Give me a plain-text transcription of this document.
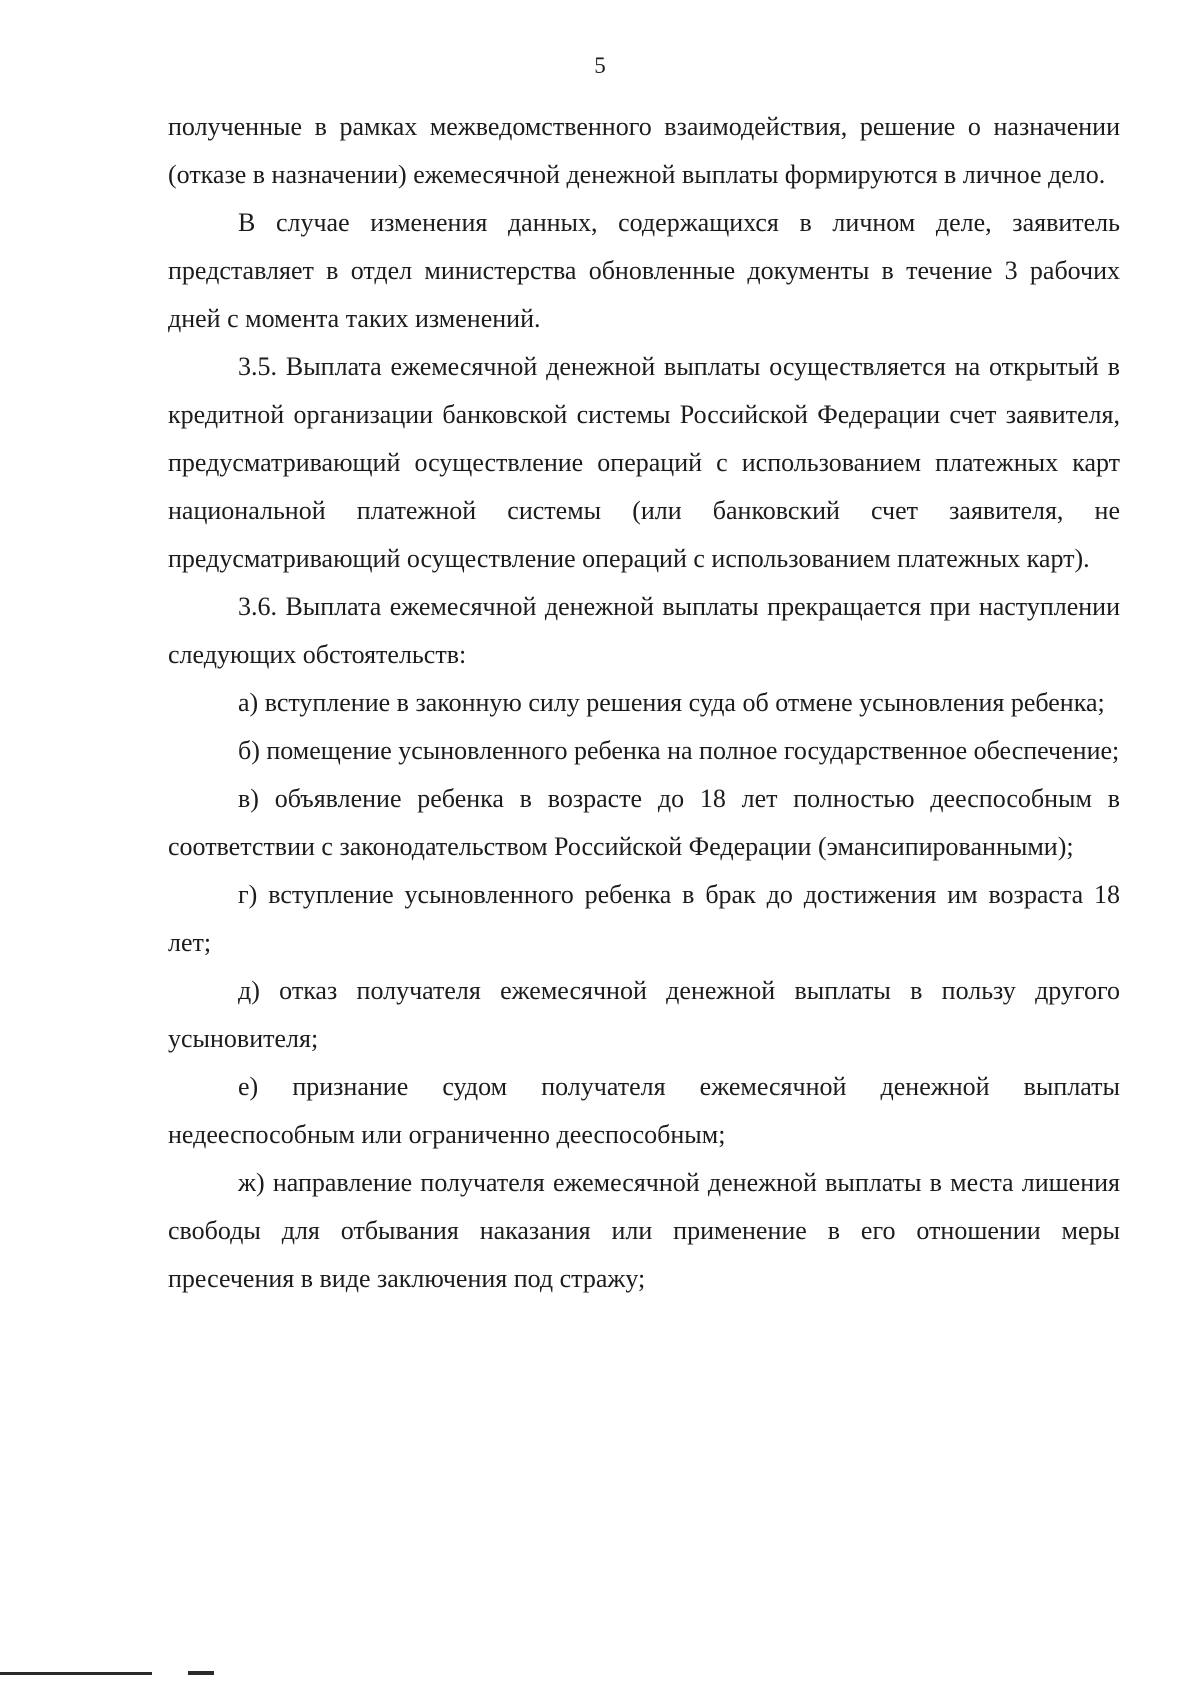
5

полученные в рамках межведомственного взаимодействия, решение о назначении (отказе в назначении) ежемесячной денежной выплаты формируются в личное дело.

В случае изменения данных, содержащихся в личном деле, заявитель представляет в отдел министерства обновленные документы в течение 3 рабочих дней с момента таких изменений.

3.5. Выплата ежемесячной денежной выплаты осуществляется на открытый в кредитной организации банковской системы Российской Федерации счет заявителя, предусматривающий осуществление операций с использованием платежных карт национальной платежной системы (или банковский счет заявителя, не предусматривающий осуществление операций с использованием платежных карт).

3.6. Выплата ежемесячной денежной выплаты прекращается при наступлении следующих обстоятельств:

а) вступление в законную силу решения суда об отмене усыновления ребенка;

б) помещение усыновленного ребенка на полное государственное обеспечение;

в) объявление ребенка в возрасте до 18 лет полностью дееспособным в соответствии с законодательством Российской Федерации (эмансипированными);

г) вступление усыновленного ребенка в брак до достижения им возраста 18 лет;

д) отказ получателя ежемесячной денежной выплаты в пользу другого усыновителя;

е) признание судом получателя ежемесячной денежной выплаты недееспособным или ограниченно дееспособным;

ж) направление получателя ежемесячной денежной выплаты в места лишения свободы для отбывания наказания или применение в его отношении меры пресечения в виде заключения под стражу;
